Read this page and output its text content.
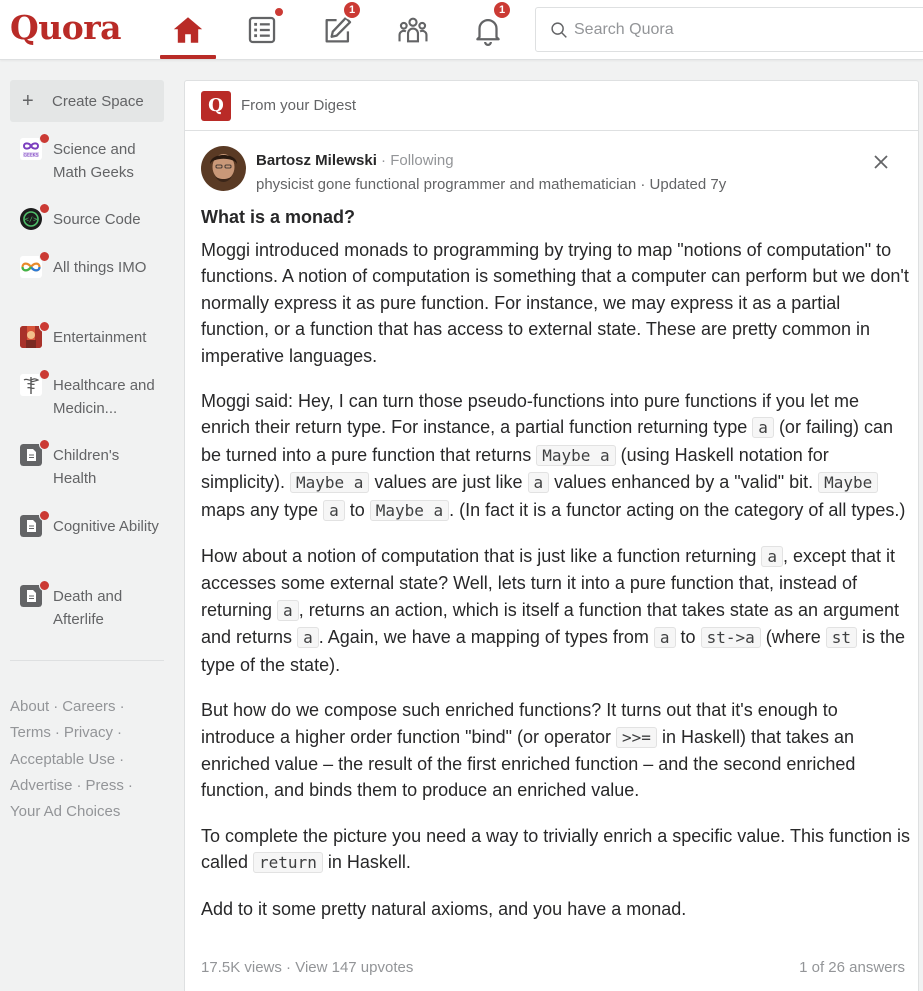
Quora	1	1
Search Quora
+	Create Space
GEEKS Science and Math Geeks
</> Source Code
All things IMO
Entertainment
Healthcare and Medicin...
Children's Health
Cognitive Ability
Death and Afterlife
About · Careers ·
Terms · Privacy ·
Acceptable Use ·
Advertise · Press ·
Your Ad Choices
Q	From your Digest
Bartosz Milewski · Following
physicist gone functional programmer and mathematician · Updated 7y
What is a monad?

Moggi introduced monads to programming by trying to map "notions of computation" to functions. A notion of computation is something that a computer can perform but we don't normally express it as pure function. For instance, we may express it as a partial function, or a function that has access to external state. These are pretty common in imperative languages.

Moggi said: Hey, I can turn those pseudo-functions into pure functions if you let me enrich their return type. For instance, a partial function returning type a (or failing) can be turned into a pure function that returns Maybe a (using Haskell notation for simplicity). Maybe a values are just like a values enhanced by a "valid" bit. Maybe maps any type a to Maybe a . (In fact it is a functor acting on the category of all types.)

How about a notion of computation that is just like a function returning a , except that it accesses some external state? Well, lets turn it into a pure function that, instead of returning a , returns an action, which is itself a function that takes state as an argument and returns a . Again, we have a mapping of types from a to st->a (where st is the type of the state).

But how do we compose such enriched functions? It turns out that it's enough to introduce a higher order function "bind" (or operator >>= in Haskell) that takes an enriched value – the result of the first enriched function – and the second enriched function, and binds them to produce an enriched value.

To complete the picture you need a way to trivially enrich a specific value. This function is called return in Haskell.

Add to it some pretty natural axioms, and you have a monad.

17.5K views · View 147 upvotes	1 of 26 answers
